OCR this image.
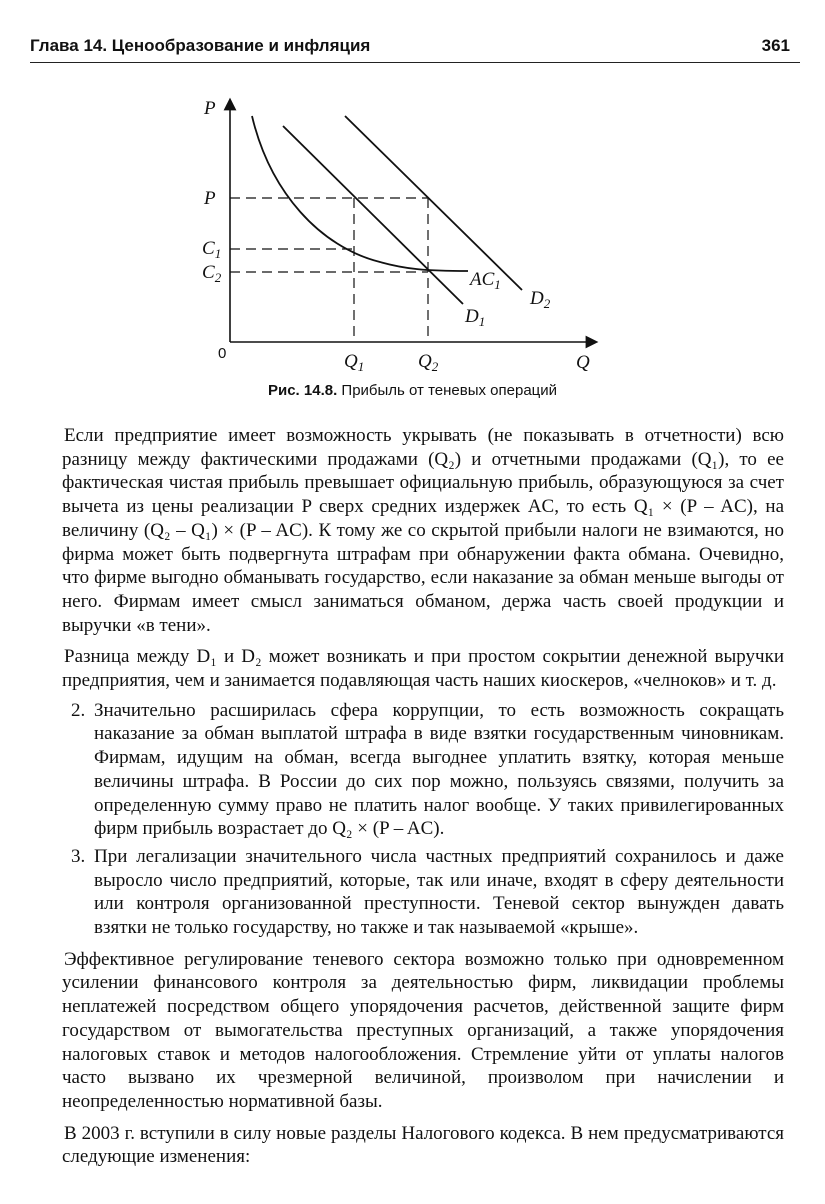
Глава 14. Ценообразование и инфляция	361
P
Q
P
$C_1$
$C_2$
$Q_1$	$Q_2$
$AC_1$
$D_1$
$D_2$
0
Рис. 14.8. Прибыль от теневых операций

Если предприятие имеет возможность укрывать (не показывать в отчетности) всю разницу между фактическими продажами (Q₂) и отчетными продажами (Q₁), то ее фактическая чистая прибыль превышает официальную прибыль, образующуюся за счет вычета из цены реализации P сверх средних издержек AC, то есть Q₁ × (P – AC), на величину (Q₂ – Q₁) × (P – AC). К тому же со скрытой прибыли налоги не взимаются, но фирма может быть подвергнута штрафам при обнаружении факта обмана. Очевидно, что фирме выгодно обманывать государство, если наказание за обман меньше выгоды от него. Фирмам имеет смысл заниматься обманом, держа часть своей продукции и выручки «в тени».

Разница между D₁ и D₂ может возникать и при простом сокрытии денежной выручки предприятия, чем и занимается подавляющая часть наших киоскеров, «челноков» и т. д.

2. Значительно расширилась сфера коррупции, то есть возможность сокращать наказание за обман выплатой штрафа в виде взятки государственным чиновникам. Фирмам, идущим на обман, всегда выгоднее уплатить взятку, которая меньше величины штрафа. В России до сих пор можно, пользуясь связями, получить за определенную сумму право не платить налог вообще. У таких привилегированных фирм прибыль возрастает до Q₂ × (P – AC).
3. При легализации значительного числа частных предприятий сохранилось и даже выросло число предприятий, которые, так или иначе, входят в сферу деятельности или контроля организованной преступности. Теневой сектор вынужден давать взятки не только государству, но также и так называемой «крыше».

Эффективное регулирование теневого сектора возможно только при одновременном усилении финансового контроля за деятельностью фирм, ликвидации проблемы неплатежей посредством общего упорядочения расчетов, действенной защите фирм государством от вымогательства преступных организаций, а также упорядочения налоговых ставок и методов налогообложения. Стремление уйти от уплаты налогов часто вызвано их чрезмерной величиной, произволом при начислении и неопределенностью нормативной базы.

В 2003 г. вступили в силу новые разделы Налогового кодекса. В нем предусматриваются следующие изменения:
